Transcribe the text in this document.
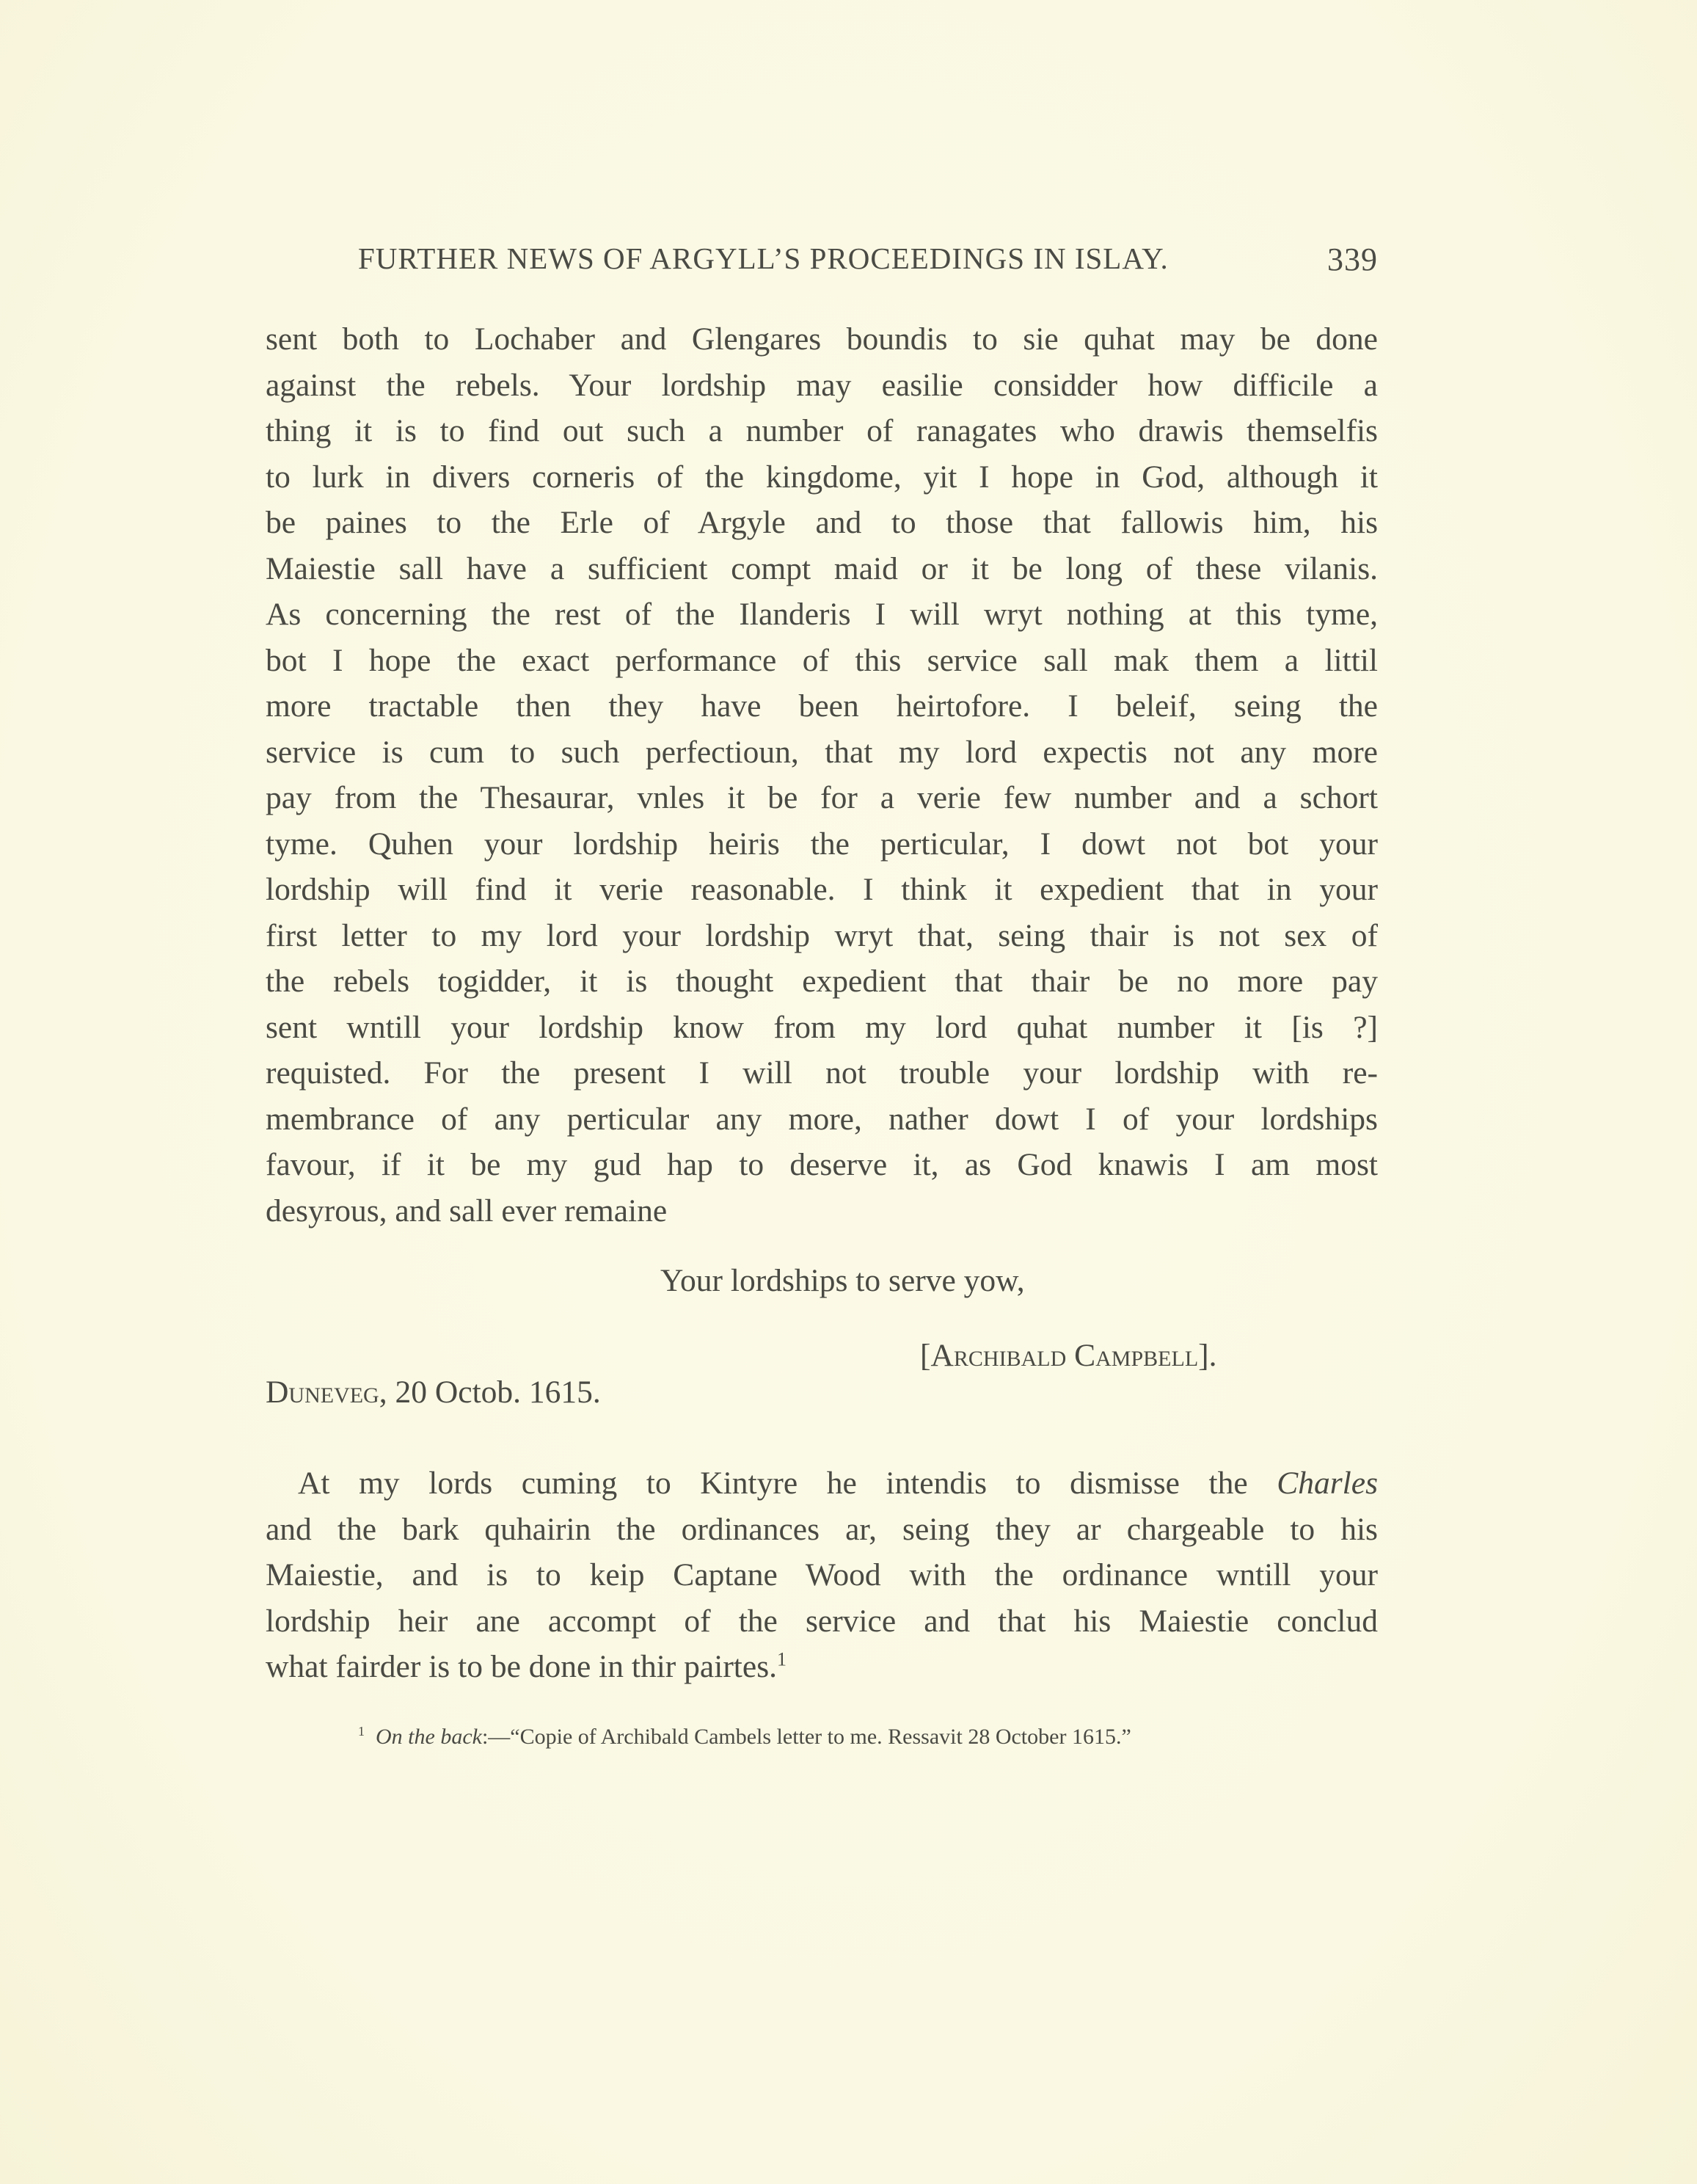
FURTHER NEWS OF ARGYLL’S PROCEEDINGS IN ISLAY.	339
sent both to Lochaber and Glengares boundis to sie quhat may be done
against the rebels. Your lordship may easilie considder how difficile a
thing it is to find out such a number of ranagates who drawis themselfis
to lurk in divers corneris of the kingdome, yit I hope in God, although it
be paines to the Erle of Argyle and to those that fallowis him, his
Maiestie sall have a sufficient compt maid or it be long of these vilanis.
As concerning the rest of the Ilanderis I will wryt nothing at this tyme,
bot I hope the exact performance of this service sall mak them a littil
more tractable then they have been heirtofore. I beleif, seing the
service is cum to such perfectioun, that my lord expectis not any more
pay from the Thesaurar, vnles it be for a verie few number and a schort
tyme. Quhen your lordship heiris the perticular, I dowt not bot your
lordship will find it verie reasonable. I think it expedient that in your
first letter to my lord your lordship wryt that, seing thair is not sex of
the rebels togidder, it is thought expedient that thair be no more pay
sent wntill your lordship know from my lord quhat number it [is ?]
requisted. For the present I will not trouble your lordship with re-
membrance of any perticular any more, nather dowt I of your lordships
favour, if it be my gud hap to deserve it, as God knawis I am most
desyrous, and sall ever remaine
Your lordships to serve yow,
[Archibald Campbell].
Duneveg, 20 Octob. 1615.
At my lords cuming to Kintyre he intendis to dismisse the Charles
and the bark quhairin the ordinances ar, seing they ar chargeable to his
Maiestie, and is to keip Captane Wood with the ordinance wntill your
lordship heir ane accompt of the service and that his Maiestie conclud
what fairder is to be done in thir pairtes.$^1$
$^1$ On the back:—“Copie of Archibald Cambels letter to me. Ressavit 28 October 1615.”
